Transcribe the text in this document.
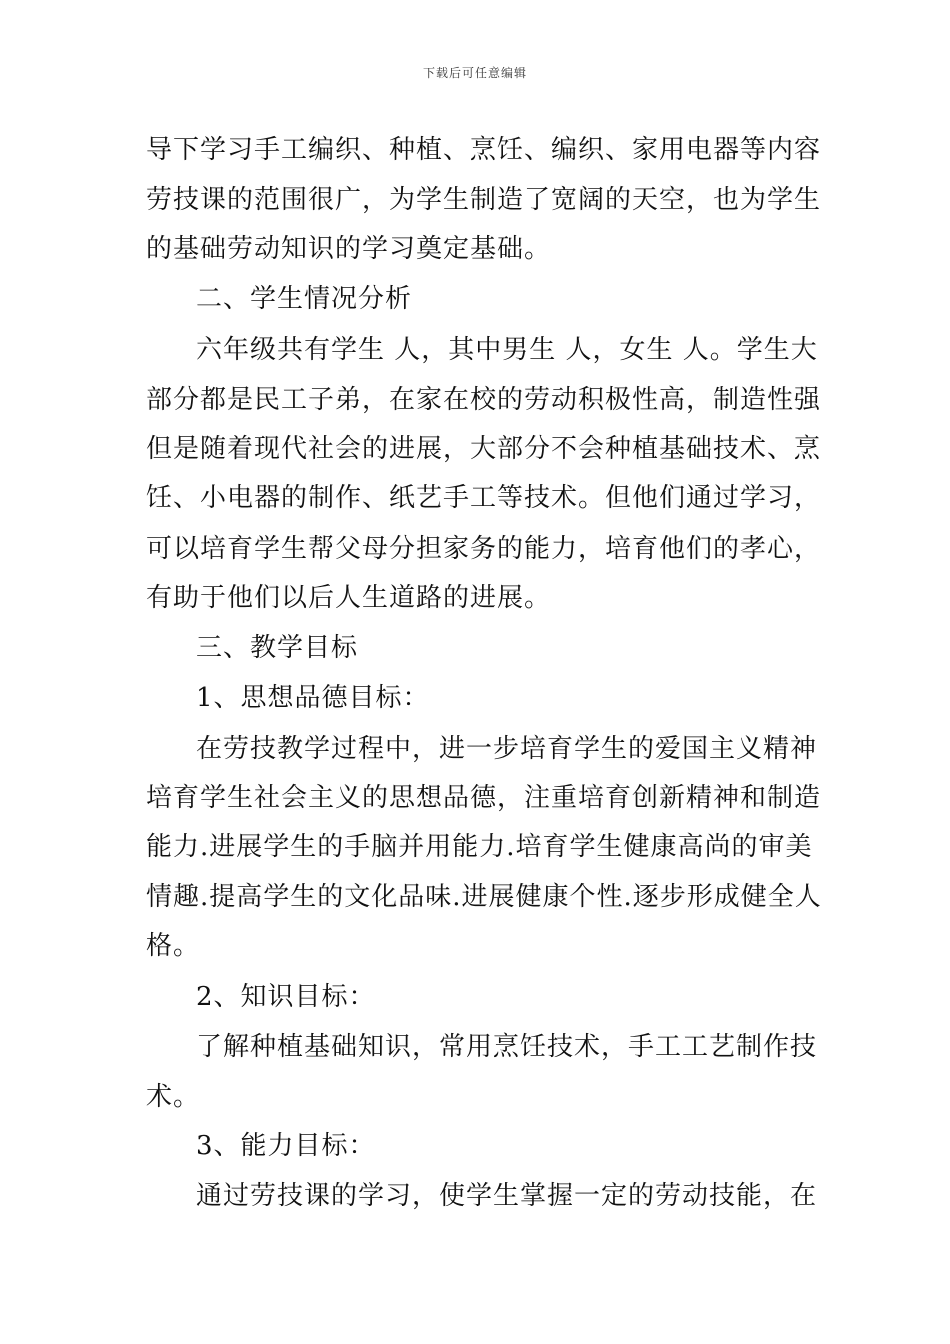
下载后可任意编辑
导下学习手工编织、种植、烹饪、编织、家用电器等内容
劳技课的范围很广，为学生制造了宽阔的天空，也为学生
的基础劳动知识的学习奠定基础。
二、学生情况分析
六年级共有学生 人，其中男生 人，女生 人。学生大
部分都是民工子弟，在家在校的劳动积极性高，制造性强
但是随着现代社会的进展，大部分不会种植基础技术、烹
饪、小电器的制作、纸艺手工等技术。但他们通过学习，
可以培育学生帮父母分担家务的能力，培育他们的孝心，
有助于他们以后人生道路的进展。
三、教学目标
1、思想品德目标：
在劳技教学过程中，进一步培育学生的爱国主义精神
培育学生社会主义的思想品德，注重培育创新精神和制造
能力.进展学生的手脑并用能力.培育学生健康高尚的审美
情趣.提高学生的文化品味.进展健康个性.逐步形成健全人
格。
2、知识目标：
了解种植基础知识，常用烹饪技术，手工工艺制作技
术。
3、能力目标：
通过劳技课的学习，使学生掌握一定的劳动技能，在
